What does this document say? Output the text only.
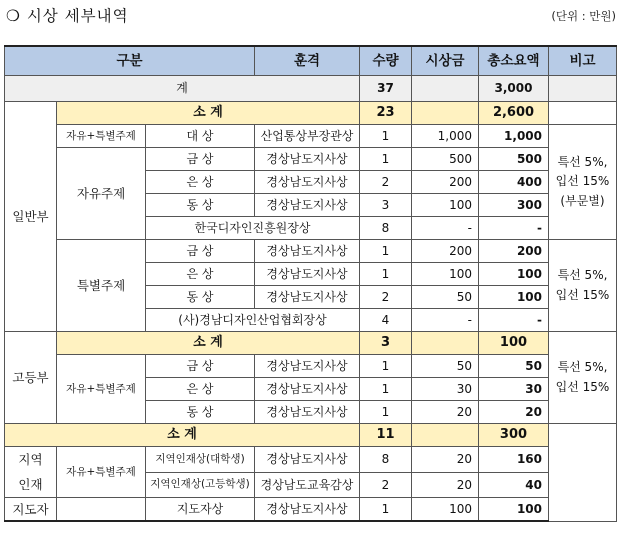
❍ 시상 세부내역	(단위 : 만원)
구분			훈격	수량	시상금	총소요액	비고
계				37		3,000	
일반부	소 계			23		2,600	
	자유+특별주제	대 상	산업통상부장관상	1	1,000	1,000	특선 5%,
입선 15%
(부문별)
	자유주제	금 상	경상남도지사상	1	500	500	
		은 상	경상남도지사상	2	200	400	
		동 상	경상남도지사상	3	100	300	
		한국디자인진흥원장상		8	-	-	
	특별주제	금 상	경상남도지사상	1	200	200	특선 5%,
입선 15%
		은 상	경상남도지사상	1	100	100	
		동 상	경상남도지사상	2	50	100	
		(사)경남디자인산업협회장상		4	-	-	
고등부	소 계			3		100	특선 5%,
입선 15%
	자유+특별주제	금 상	경상남도지사상	1	50	50	
		은 상	경상남도지사상	1	30	30	
		동 상	경상남도지사상	1	20	20	
소 계				11		300	
지역
인재	자유+특별주제	지역인재상(대학생)	경상남도지사상	8	20	160	
		지역인재상(고등학생)	경상남도교육감상	2	20	40	
지도자		지도자상	경상남도지사상	1	100	100	
